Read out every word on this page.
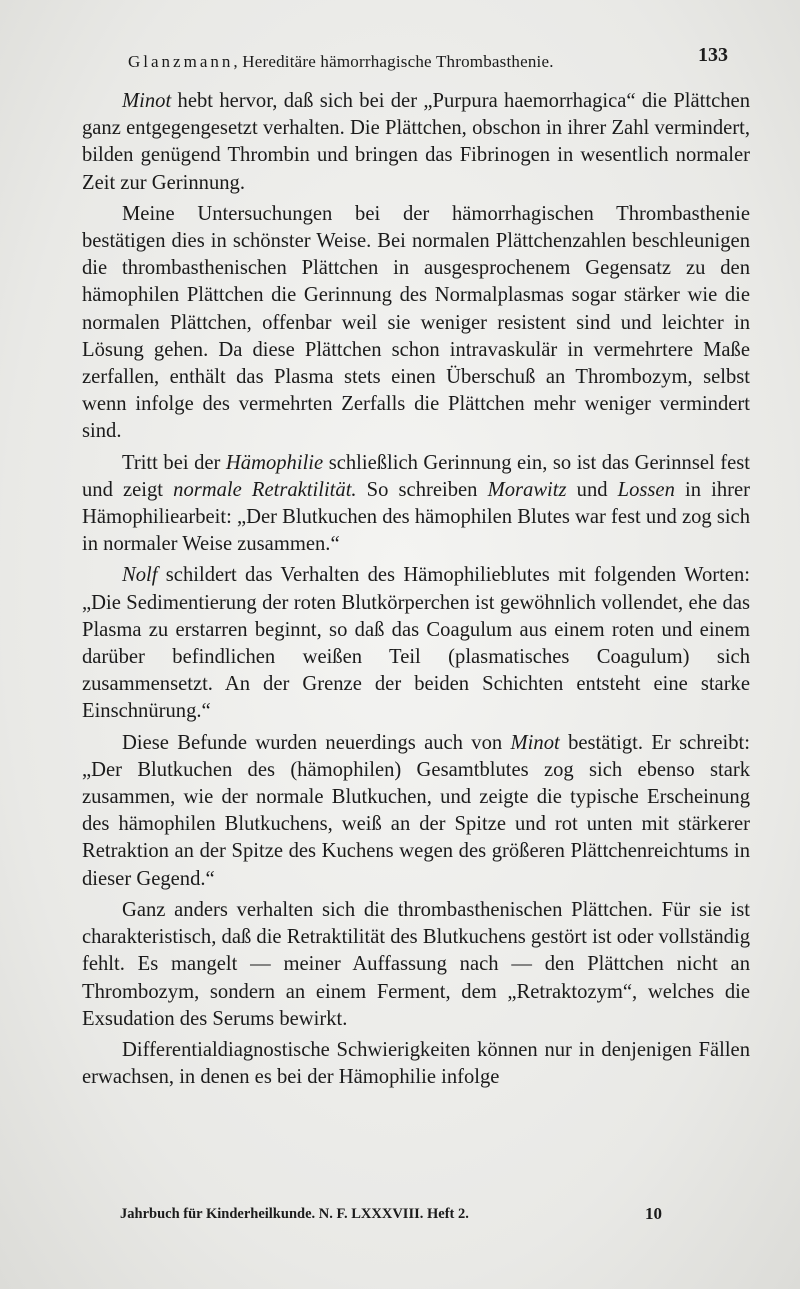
Glanzmann, Hereditäre hämorrhagische Thrombasthenie.	133

Minot hebt hervor, daß sich bei der „Purpura haemorrhagica“ die Plättchen ganz entgegengesetzt verhalten. Die Plättchen, obschon in ihrer Zahl vermindert, bilden genügend Thrombin und bringen das Fibrinogen in wesentlich normaler Zeit zur Gerinnung.

Meine Untersuchungen bei der hämorrhagischen Thrombasthenie bestätigen dies in schönster Weise. Bei normalen Plättchenzahlen beschleunigen die thrombasthenischen Plättchen in ausgesprochenem Gegensatz zu den hämophilen Plättchen die Gerinnung des Normalplasmas sogar stärker wie die normalen Plättchen, offenbar weil sie weniger resistent sind und leichter in Lösung gehen. Da diese Plättchen schon intravaskulär in vermehrtere Maße zerfallen, enthält das Plasma stets einen Überschuß an Thrombozym, selbst wenn infolge des vermehrten Zerfalls die Plättchen mehr weniger vermindert sind.

Tritt bei der Hämophilie schließlich Gerinnung ein, so ist das Gerinnsel fest und zeigt normale Retraktilität. So schreiben Morawitz und Lossen in ihrer Hämophiliearbeit: „Der Blutkuchen des hämophilen Blutes war fest und zog sich in normaler Weise zusammen.“

Nolf schildert das Verhalten des Hämophilieblutes mit folgenden Worten: „Die Sedimentierung der roten Blutkörperchen ist gewöhnlich vollendet, ehe das Plasma zu erstarren beginnt, so daß das Coagulum aus einem roten und einem darüber befindlichen weißen Teil (plasmatisches Coagulum) sich zusammensetzt. An der Grenze der beiden Schichten entsteht eine starke Einschnürung.“

Diese Befunde wurden neuerdings auch von Minot bestätigt. Er schreibt: „Der Blutkuchen des (hämophilen) Gesamtblutes zog sich ebenso stark zusammen, wie der normale Blutkuchen, und zeigte die typische Erscheinung des hämophilen Blutkuchens, weiß an der Spitze und rot unten mit stärkerer Retraktion an der Spitze des Kuchens wegen des größeren Plättchenreichtums in dieser Gegend.“

Ganz anders verhalten sich die thrombasthenischen Plättchen. Für sie ist charakteristisch, daß die Retraktilität des Blutkuchens gestört ist oder vollständig fehlt. Es mangelt — meiner Auffassung nach — den Plättchen nicht an Thrombozym, sondern an einem Ferment, dem „Retraktozym“, welches die Exsudation des Serums bewirkt.

Differentialdiagnostische Schwierigkeiten können nur in denjenigen Fällen erwachsen, in denen es bei der Hämophilie infolge

Jahrbuch für Kinderheilkunde. N. F. LXXXVIII. Heft 2.	10
